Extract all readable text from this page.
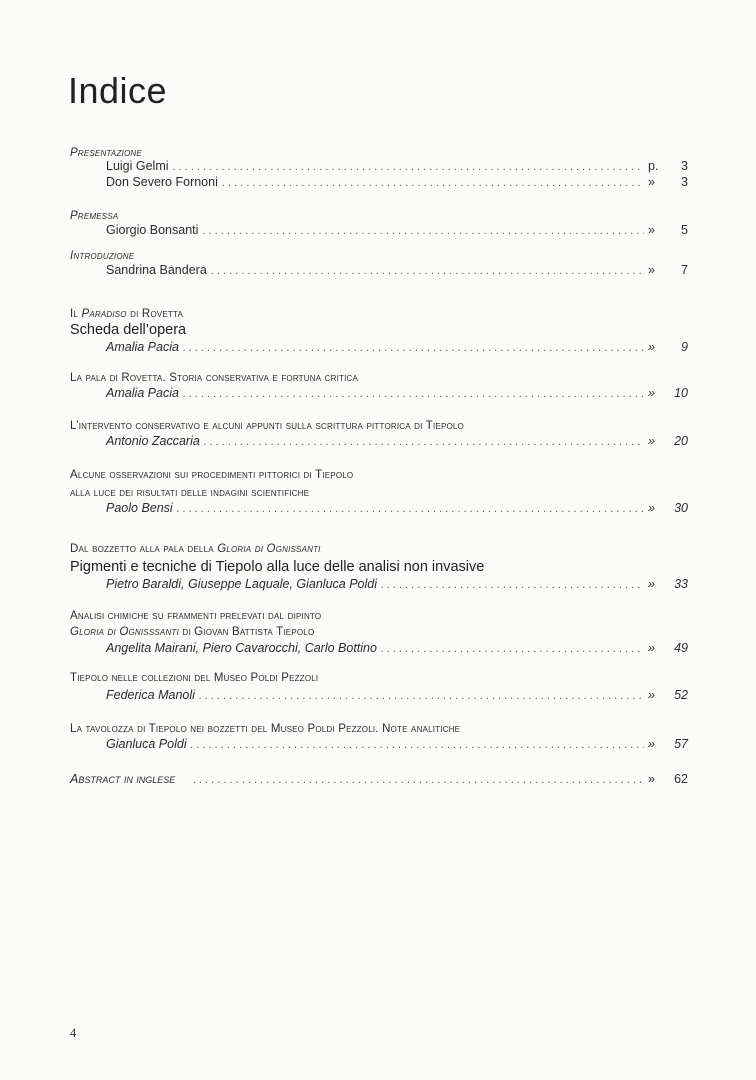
Indice
Presentazione
Luigi Gelmi . . .	p.	3
Don Severo Fornoni . . .	»	3
Premessa
Giorgio Bonsanti . . .	»	5
Introduzione
Sandrina Bandera . . .	»	7
Il Paradiso di Rovetta
Scheda dell’opera
Amalia Pacia . . .	»	9
La pala di Rovetta. Storia conservativa e fortuna critica
Amalia Pacia . . .	»	10
L’intervento conservativo e alcuni appunti sulla scrittura pittorica di Tiepolo
Antonio Zaccaria . . .	»	20
Alcune osservazioni sui procedimenti pittorici di Tiepolo
alla luce dei risultati delle indagini scientifiche
Paolo Bensi . . .	»	30
Dal bozzetto alla pala della Gloria di Ognissanti
Pigmenti e tecniche di Tiepolo alla luce delle analisi non invasive
Pietro Baraldi, Giuseppe Laquale, Gianluca Poldi . . .	»	33
Analisi chimiche su frammenti prelevati dal dipinto
Gloria di Ognisssanti di Giovan Battista Tiepolo
Angelita Mairani, Piero Cavarocchi, Carlo Bottino . . .	»	49
Tiepolo nelle collezioni del Museo Poldi Pezzoli
Federica Manoli . . .	»	52
La tavolozza di Tiepolo nei bozzetti del Museo Poldi Pezzoli. Note analitiche
Gianluca Poldi . . .	»	57
Abstract in inglese . . .	»	62
4
